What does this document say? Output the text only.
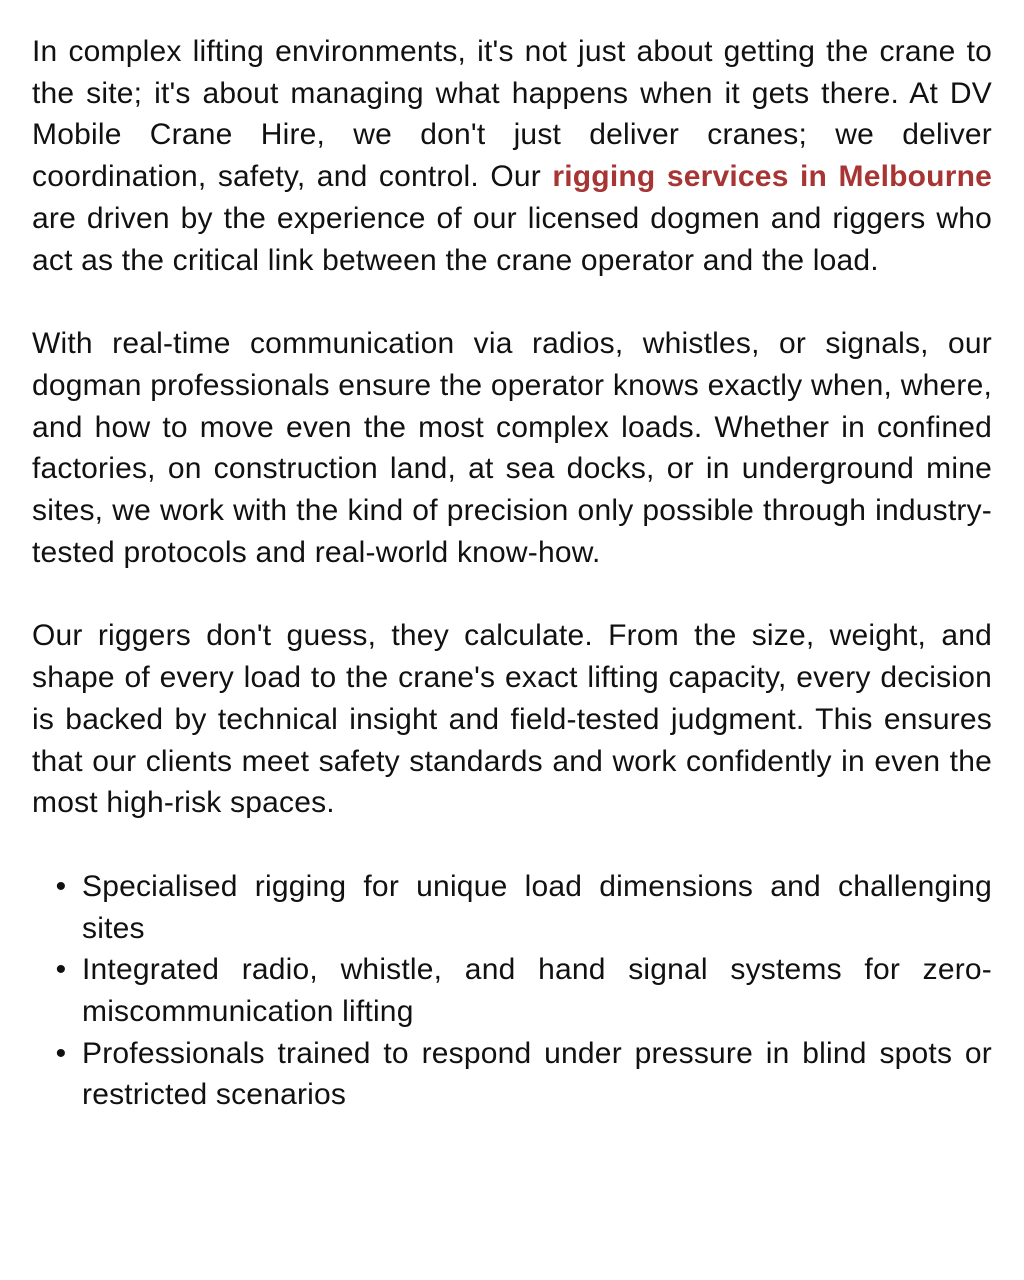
In complex lifting environments, it's not just about getting the crane to the site; it's about managing what happens when it gets there. At DV Mobile Crane Hire, we don't just deliver cranes; we deliver coordination, safety, and control. Our rigging services in Melbourne are driven by the experience of our licensed dogmen and riggers who act as the critical link between the crane operator and the load.

With real-time communication via radios, whistles, or signals, our dogman professionals ensure the operator knows exactly when, where, and how to move even the most complex loads. Whether in confined factories, on construction land, at sea docks, or in underground mine sites, we work with the kind of precision only possible through industry-tested protocols and real-world know-how.

Our riggers don't guess, they calculate. From the size, weight, and shape of every load to the crane's exact lifting capacity, every decision is backed by technical insight and field-tested judgment. This ensures that our clients meet safety standards and work confidently in even the most high-risk spaces.

• Specialised rigging for unique load dimensions and challenging sites
• Integrated radio, whistle, and hand signal systems for zero-miscommunication lifting
• Professionals trained to respond under pressure in blind spots or restricted scenarios
